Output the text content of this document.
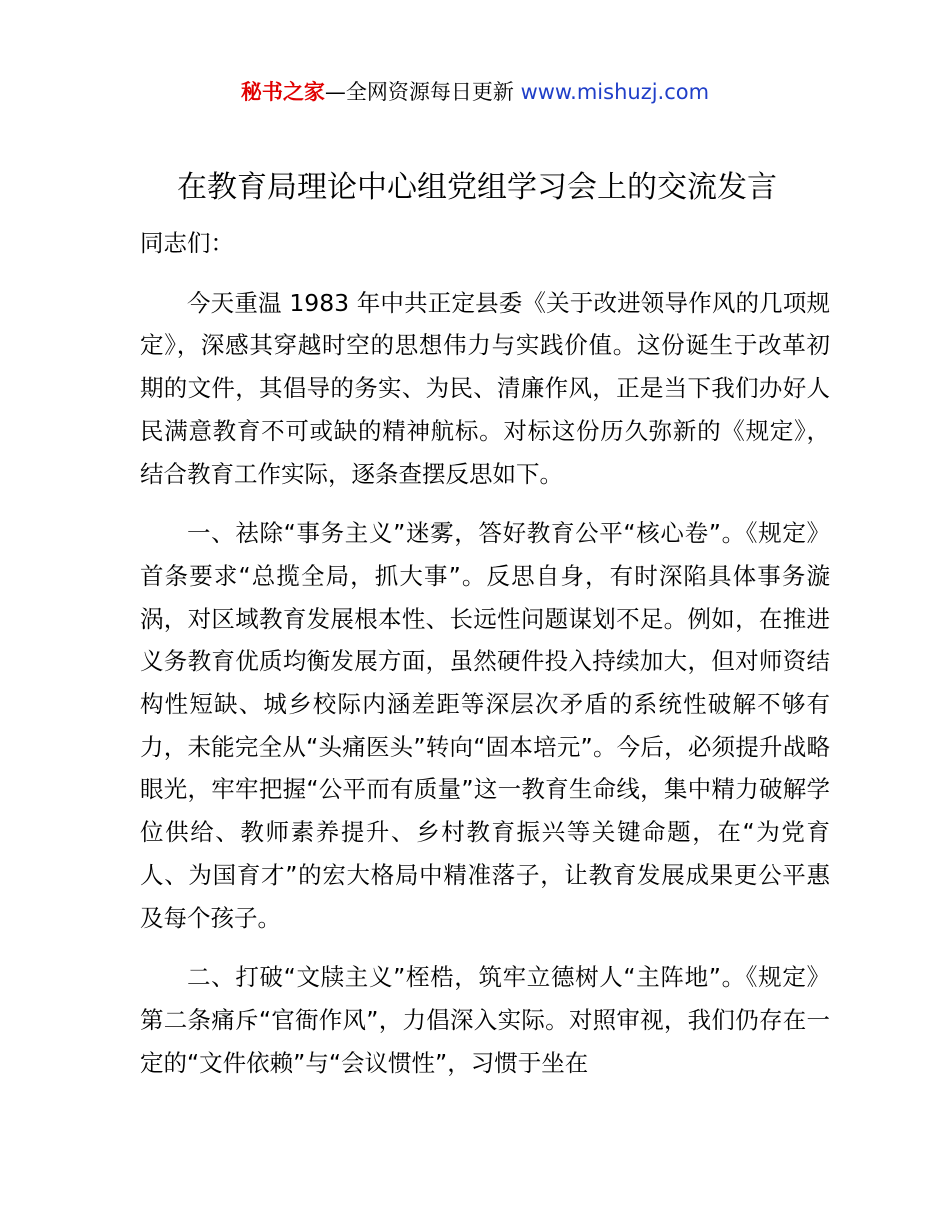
秘书之家—全网资源每日更新 www.mishuzj.com
在教育局理论中心组党组学习会上的交流发言

同志们：

今天重温 1983 年中共正定县委《关于改进领导作风的几项规定》，深感其穿越时空的思想伟力与实践价值。这份诞生于改革初期的文件，其倡导的务实、为民、清廉作风，正是当下我们办好人民满意教育不可或缺的精神航标。对标这份历久弥新的《规定》，结合教育工作实际，逐条查摆反思如下。

一、祛除“事务主义”迷雾，答好教育公平“核心卷”。《规定》首条要求“总揽全局，抓大事”。反思自身，有时深陷具体事务漩涡，对区域教育发展根本性、长远性问题谋划不足。例如，在推进义务教育优质均衡发展方面，虽然硬件投入持续加大，但对师资结构性短缺、城乡校际内涵差距等深层次矛盾的系统性破解不够有力，未能完全从“头痛医头”转向“固本培元”。今后，必须提升战略眼光，牢牢把握“公平而有质量”这一教育生命线，集中精力破解学位供给、教师素养提升、乡村教育振兴等关键命题，在“为党育人、为国育才”的宏大格局中精准落子，让教育发展成果更公平惠及每个孩子。

二、打破“文牍主义”桎梏，筑牢立德树人“主阵地”。《规定》第二条痛斥“官衙作风”，力倡深入实际。对照审视，我们仍存在一定的“文件依赖”与“会议惯性”，习惯于坐在
